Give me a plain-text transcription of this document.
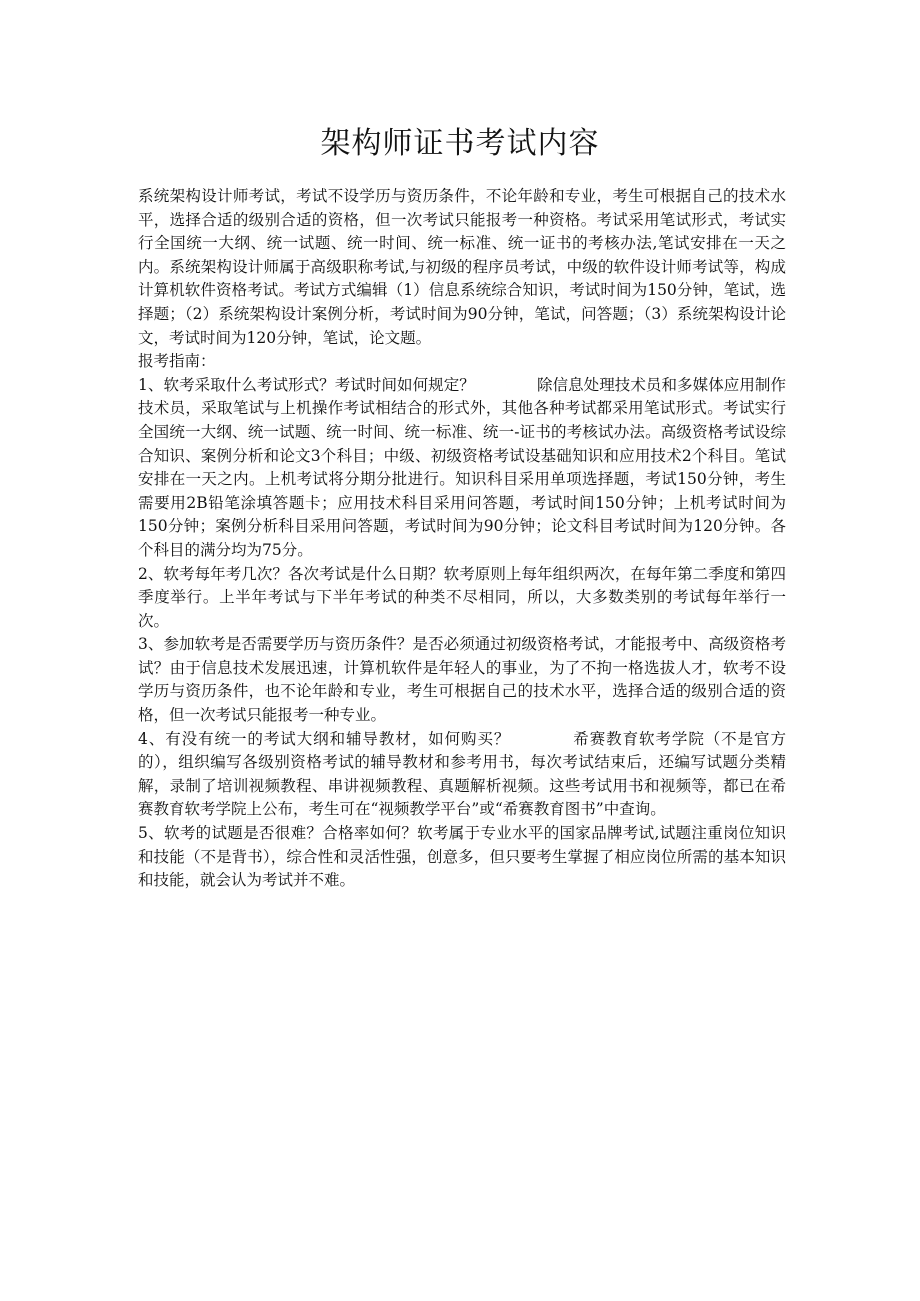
架构师证书考试内容

系统架构设计师考试，考试不设学历与资历条件，不论年龄和专业，考生可根据自己的技术水平，选择合适的级别合适的资格，但一次考试只能报考一种资格。考试采用笔试形式，考试实行全国统一大纲、统一试题、统一时间、统一标准、统一证书的考核办法,笔试安排在一天之内。系统架构设计师属于高级职称考试,与初级的程序员考试，中级的软件设计师考试等，构成计算机软件资格考试。考试方式编辑（1）信息系统综合知识，考试时间为150分钟，笔试，选择题；（2）系统架构设计案例分析，考试时间为90分钟，笔试，问答题；（3）系统架构设计论文，考试时间为120分钟，笔试，论文题。

报考指南：

1、软考采取什么考试形式？考试时间如何规定？	除信息处理技术员和多媒体应用制作技术员，采取笔试与上机操作考试相结合的形式外，其他各种考试都采用笔试形式。考试实行全国统一大纲、统一试题、统一时间、统一标准、统一-证书的考核试办法。高级资格考试设综合知识、案例分析和论文3个科目；中级、初级资格考试设基础知识和应用技术2个科目。笔试安排在一天之内。上机考试将分期分批进行。知识科目采用单项选择题，考试150分钟，考生需要用2B铅笔涂填答题卡；应用技术科目采用问答题，考试时间150分钟；上机考试时间为150分钟；案例分析科目采用问答题，考试时间为90分钟；论文科目考试时间为120分钟。各个科目的满分均为75分。

2、软考每年考几次？各次考试是什么日期？软考原则上每年组织两次，在每年第二季度和第四季度举行。上半年考试与下半年考试的种类不尽相同，所以，大多数类别的考试每年举行一次。

3、参加软考是否需要学历与资历条件？是否必须通过初级资格考试，才能报考中、高级资格考试？由于信息技术发展迅速，计算机软件是年轻人的事业，为了不拘一格选拔人才，软考不设学历与资历条件，也不论年龄和专业，考生可根据自己的技术水平，选择合适的级别合适的资格，但一次考试只能报考一种专业。

4、有没有统一的考试大纲和辅导教材，如何购买？	希赛教育软考学院（不是官方的），组织编写各级别资格考试的辅导教材和参考用书，每次考试结束后，还编写试题分类精解，录制了培训视频教程、串讲视频教程、真题解析视频。这些考试用书和视频等，都已在希赛教育软考学院上公布，考生可在“视频教学平台”或“希赛教育图书”中查询。

5、软考的试题是否很难？合格率如何？软考属于专业水平的国家品牌考试,试题注重岗位知识和技能（不是背书），综合性和灵活性强，创意多，但只要考生掌握了相应岗位所需的基本知识和技能，就会认为考试并不难。
